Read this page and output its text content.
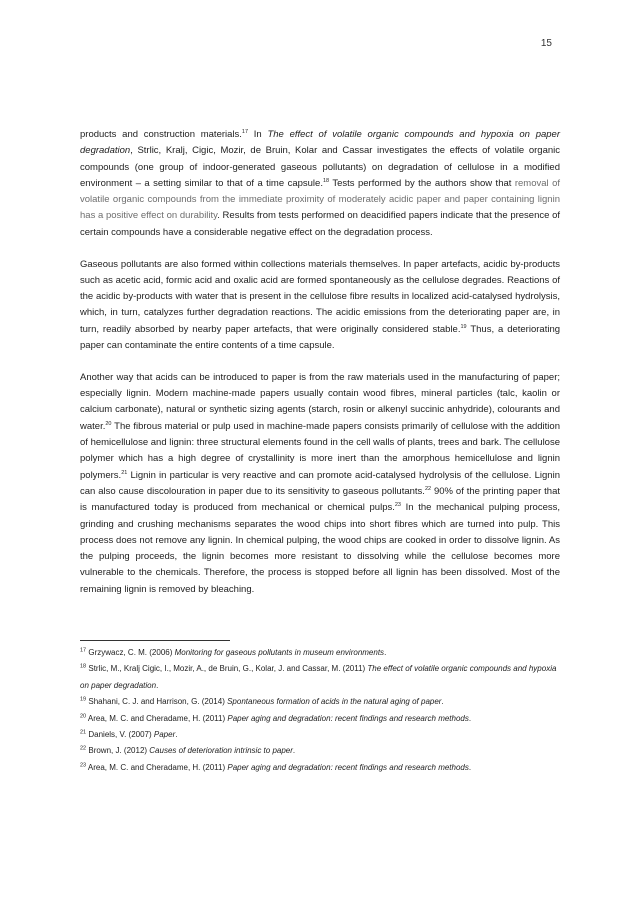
15

products and construction materials.$^{17}$ In The effect of volatile organic compounds and hypoxia on paper degradation, Strlic, Kralj, Cigic, Mozir, de Bruin, Kolar and Cassar investigates the effects of volatile organic compounds (one group of indoor-generated gaseous pollutants) on degradation of cellulose in a modified environment – a setting similar to that of a time capsule.$^{18}$ Tests performed by the authors show that removal of volatile organic compounds from the immediate proximity of moderately acidic paper and paper containing lignin has a positive effect on durability. Results from tests performed on deacidified papers indicate that the presence of certain compounds have a considerable negative effect on the degradation process.

Gaseous pollutants are also formed within collections materials themselves. In paper artefacts, acidic by-products such as acetic acid, formic acid and oxalic acid are formed spontaneously as the cellulose degrades. Reactions of the acidic by-products with water that is present in the cellulose fibre results in localized acid-catalysed hydrolysis, which, in turn, catalyzes further degradation reactions. The acidic emissions from the deteriorating paper are, in turn, readily absorbed by nearby paper artefacts, that were originally considered stable.$^{19}$ Thus, a deteriorating paper can contaminate the entire contents of a time capsule.

Another way that acids can be introduced to paper is from the raw materials used in the manufacturing of paper; especially lignin. Modern machine-made papers usually contain wood fibres, mineral particles (talc, kaolin or calcium carbonate), natural or synthetic sizing agents (starch, rosin or alkenyl succinic anhydride), colourants and water.$^{20}$ The fibrous material or pulp used in machine-made papers consists primarily of cellulose with the addition of hemicellulose and lignin: three structural elements found in the cell walls of plants, trees and bark. The cellulose polymer which has a high degree of crystallinity is more inert than the amorphous hemicellulose and lignin polymers.$^{21}$ Lignin in particular is very reactive and can promote acid-catalysed hydrolysis of the cellulose. Lignin can also cause discolouration in paper due to its sensitivity to gaseous pollutants.$^{22}$ 90% of the printing paper that is manufactured today is produced from mechanical or chemical pulps.$^{23}$ In the mechanical pulping process, grinding and crushing mechanisms separates the wood chips into short fibres which are turned into pulp. This process does not remove any lignin. In chemical pulping, the wood chips are cooked in order to dissolve lignin. As the pulping proceeds, the lignin becomes more resistant to dissolving while the cellulose becomes more vulnerable to the chemicals. Therefore, the process is stopped before all lignin has been dissolved. Most of the remaining lignin is removed by bleaching.

$^{17}$ Grzywacz, C. M. (2006) Monitoring for gaseous pollutants in museum environments.

$^{18}$ Strlic, M., Kralj Cigic, I., Mozir, A., de Bruin, G., Kolar, J. and Cassar, M. (2011) The effect of volatile organic compounds and hypoxia on paper degradation.

$^{19}$ Shahani, C. J. and Harrison, G. (2014) Spontaneous formation of acids in the natural aging of paper.

$^{20}$ Area, M. C. and Cheradame, H. (2011) Paper aging and degradation: recent findings and research methods.

$^{21}$ Daniels, V. (2007) Paper.

$^{22}$ Brown, J. (2012) Causes of deterioration intrinsic to paper.

$^{23}$ Area, M. C. and Cheradame, H. (2011) Paper aging and degradation: recent findings and research methods.
